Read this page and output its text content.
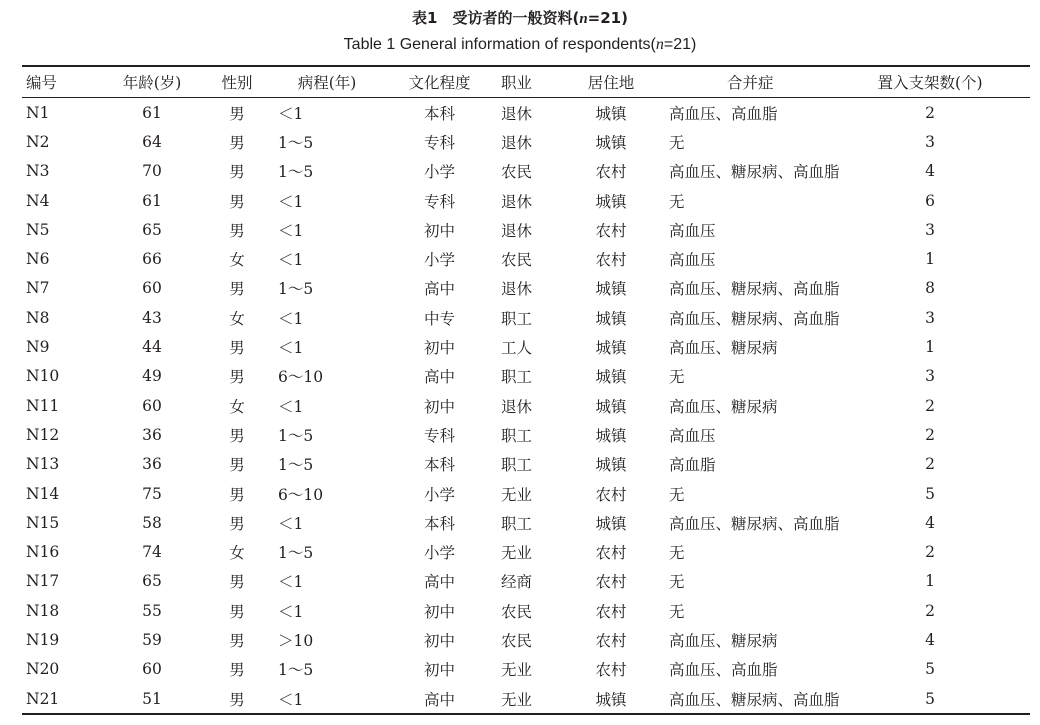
表1　受访者的一般资料(n=21)
Table 1 General information of respondents(n=21)
编号	年龄(岁)	性别	病程(年)	文化程度	职业	居住地	合并症	置入支架数(个)
N1	61	男	＜1	本科	退休	城镇	高血压、高血脂	2
N2	64	男	1～5	专科	退休	城镇	无	3
N3	70	男	1～5	小学	农民	农村	高血压、糖尿病、高血脂	4
N4	61	男	＜1	专科	退休	城镇	无	6
N5	65	男	＜1	初中	退休	农村	高血压	3
N6	66	女	＜1	小学	农民	农村	高血压	1
N7	60	男	1～5	高中	退休	城镇	高血压、糖尿病、高血脂	8
N8	43	女	＜1	中专	职工	城镇	高血压、糖尿病、高血脂	3
N9	44	男	＜1	初中	工人	城镇	高血压、糖尿病	1
N10	49	男	6～10	高中	职工	城镇	无	3
N11	60	女	＜1	初中	退休	城镇	高血压、糖尿病	2
N12	36	男	1～5	专科	职工	城镇	高血压	2
N13	36	男	1～5	本科	职工	城镇	高血脂	2
N14	75	男	6～10	小学	无业	农村	无	5
N15	58	男	＜1	本科	职工	城镇	高血压、糖尿病、高血脂	4
N16	74	女	1～5	小学	无业	农村	无	2
N17	65	男	＜1	高中	经商	农村	无	1
N18	55	男	＜1	初中	农民	农村	无	2
N19	59	男	＞10	初中	农民	农村	高血压、糖尿病	4
N20	60	男	1～5	初中	无业	农村	高血压、高血脂	5
N21	51	男	＜1	高中	无业	城镇	高血压、糖尿病、高血脂	5
